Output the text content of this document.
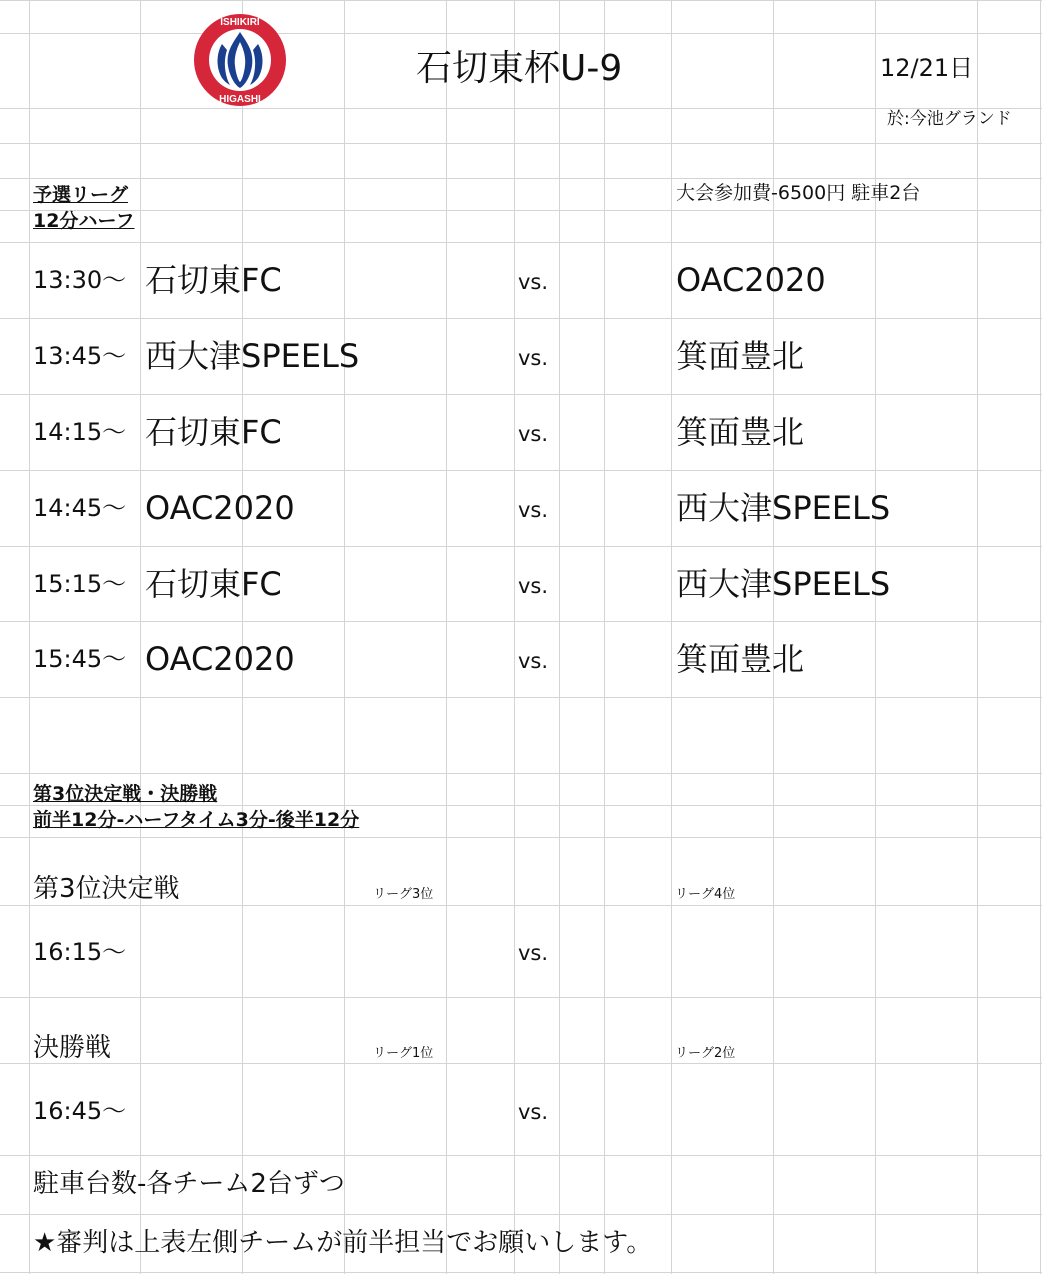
ISHIKIRI
HIGASHI
石切東杯U-9	12/21日
於:今池グランド
予選リーグ
12分ハーフ
大会参加費-6500円 駐車2台
13:30～ 石切東FC	vs.	OAC2020
13:45～ 西大津SPEELS	vs.	箕面豊北
14:15～ 石切東FC	vs.	箕面豊北
14:45～ OAC2020	vs.	西大津SPEELS
15:15～ 石切東FC	vs.	西大津SPEELS
15:45～ OAC2020	vs.	箕面豊北
第3位決定戦・決勝戦
前半12分-ハーフタイム3分-後半12分
第3位決定戦	リーグ3位	リーグ4位
16:15～	vs.
決勝戦	リーグ1位	リーグ2位
16:45～	vs.
駐車台数-各チーム2台ずつ
★審判は上表左側チームが前半担当でお願いします。
